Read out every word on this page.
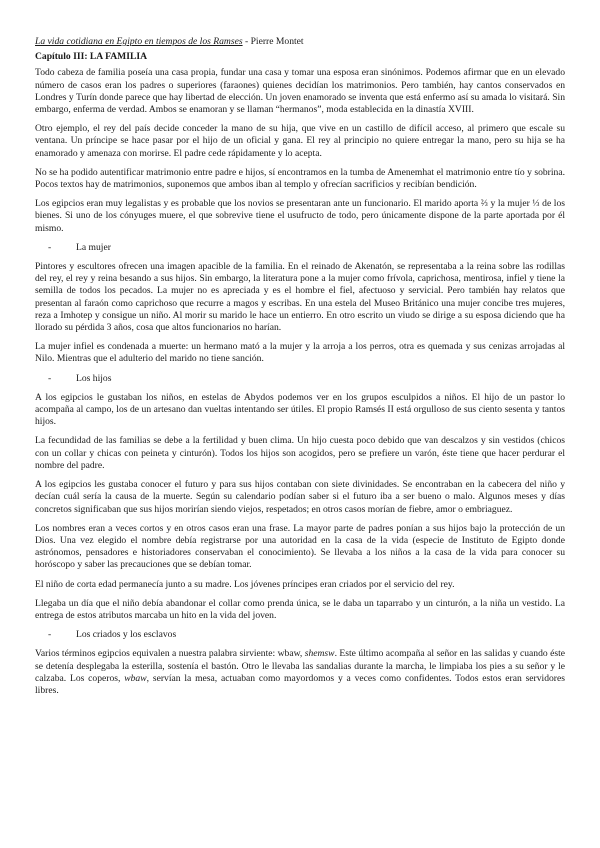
La vida cotidiana en Egipto en tiempos de los Ramses - Pierre Montet
Capítulo III: LA FAMILIA

Todo cabeza de familia poseía una casa propia, fundar una casa y tomar una esposa eran sinónimos. Podemos afirmar que en un elevado número de casos eran los padres o superiores (faraones) quienes decidían los matrimonios. Pero también, hay cantos conservados en Londres y Turín donde parece que hay libertad de elección. Un joven enamorado se inventa que está enfermo así su amada lo visitará. Sin embargo, enferma de verdad. Ambos se enamoran y se llaman “hermanos”, moda establecida en la dinastía XVIII.

Otro ejemplo, el rey del país decide conceder la mano de su hija, que vive en un castillo de difícil acceso, al primero que escale su ventana. Un príncipe se hace pasar por el hijo de un oficial y gana. El rey al principio no quiere entregar la mano, pero su hija se ha enamorado y amenaza con morirse. El padre cede rápidamente y lo acepta.

No se ha podido autentificar matrimonio entre padre e hijos, sí encontramos en la tumba de Amenemhat el matrimonio entre tío y sobrina. Pocos textos hay de matrimonios, suponemos que ambos iban al templo y ofrecían sacrificios y recibían bendición.

Los egipcios eran muy legalistas y es probable que los novios se presentaran ante un funcionario. El marido aporta ⅔ y la mujer ⅓ de los bienes. Si uno de los cónyuges muere, el que sobrevive tiene el usufructo de todo, pero únicamente dispone de la parte aportada por él mismo.

-	La mujer

Pintores y escultores ofrecen una imagen apacible de la familia. En el reinado de Akenatón, se representaba a la reina sobre las rodillas del rey, el rey y reina besando a sus hijos. Sin embargo, la literatura pone a la mujer como frívola, caprichosa, mentirosa, infiel y tiene la semilla de todos los pecados. La mujer no es apreciada y es el hombre el fiel, afectuoso y servicial. Pero también hay relatos que presentan al faraón como caprichoso que recurre a magos y escribas. En una estela del Museo Británico una mujer concibe tres mujeres, reza a Imhotep y consigue un niño. Al morir su marido le hace un entierro. En otro escrito un viudo se dirige a su esposa diciendo que ha llorado su pérdida 3 años, cosa que altos funcionarios no harían.

La mujer infiel es condenada a muerte: un hermano mató a la mujer y la arroja a los perros, otra es quemada y sus cenizas arrojadas al Nilo. Mientras que el adulterio del marido no tiene sanción.

-	Los hijos

A los egipcios le gustaban los niños, en estelas de Abydos podemos ver en los grupos esculpidos a niños. El hijo de un pastor lo acompaña al campo, los de un artesano dan vueltas intentando ser útiles. El propio Ramsés II está orgulloso de sus ciento sesenta y tantos hijos.

La fecundidad de las familias se debe a la fertilidad y buen clima. Un hijo cuesta poco debido que van descalzos y sin vestidos (chicos con un collar y chicas con peineta y cinturón). Todos los hijos son acogidos, pero se prefiere un varón, éste tiene que hacer perdurar el nombre del padre.

A los egipcios les gustaba conocer el futuro y para sus hijos contaban con siete divinidades. Se encontraban en la cabecera del niño y decían cuál sería la causa de la muerte. Según su calendario podían saber si el futuro iba a ser bueno o malo. Algunos meses y días concretos significaban que sus hijos morirían siendo viejos, respetados; en otros casos morían de fiebre, amor o embriaguez.

Los nombres eran a veces cortos y en otros casos eran una frase. La mayor parte de padres ponían a sus hijos bajo la protección de un Dios. Una vez elegido el nombre debía registrarse por una autoridad en la casa de la vida (especie de Instituto de Egipto donde astrónomos, pensadores e historiadores conservaban el conocimiento). Se llevaba a los niños a la casa de la vida para conocer su horóscopo y saber las precauciones que se debían tomar.

El niño de corta edad permanecía junto a su madre. Los jóvenes príncipes eran criados por el servicio del rey.

Llegaba un día que el niño debía abandonar el collar como prenda única, se le daba un taparrabo y un cinturón, a la niña un vestido. La entrega de estos atributos marcaba un hito en la vida del joven.

-	Los criados y los esclavos

Varios términos egipcios equivalen a nuestra palabra sirviente: wbaw, shemsw. Este último acompaña al señor en las salidas y cuando éste se detenía desplegaba la esterilla, sostenía el bastón. Otro le llevaba las sandalias durante la marcha, le limpiaba los pies a su señor y le calzaba. Los coperos, wbaw, servían la mesa, actuaban como mayordomos y a veces como confidentes. Todos estos eran servidores libres.
